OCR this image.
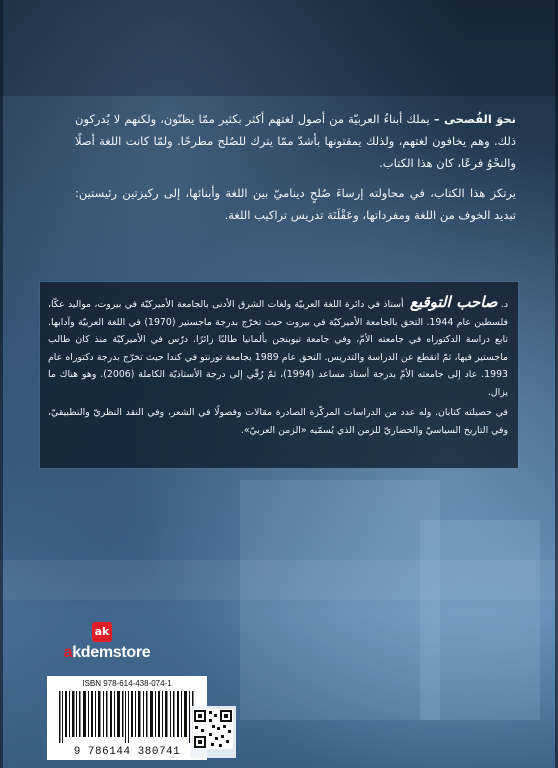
نحوَ الفُصحى – يملك أبناءُ العربيّة من أصول لغتهم أكثر بكثير ممّا يظنّون، ولكنهم لا يُدركون ذلك. وهم يخافون لغتهم، ولذلك يمقتونها بأشدّ ممّا يترك للصُلح مطرحًا. ولمّا كانت اللغة أصلًا والنحْوُ فرعًا، كان هذا الكتاب.

يرتكز هذا الكتاب، في محاولته إرساءَ صُلحٍ ديناميّ بين اللغة وأبنائها، إلى ركيزتين رئيستين: تبديد الخوف من اللغة ومفرداتها، وعَقْلَنَة تدريس تراكيب اللغة.

د. صاحب التوقيع أستاذ في دائرة اللغة العربيّة ولغات الشرق الأدنى بالجامعة الأميركيّة في بيروت، مواليد عكّا، فلسطين عام 1944. التحق بالجامعة الأميركيّة في بيروت حيث تخرّج بدرجة ماجستير (1970) في اللغة العربيّة وآدابها. تابع دراسة الدكتوراه في جامعته الأمّ، وفي جامعة تيوبنجن بألمانيا طالبًا زائرًا. درّس في الأميركيّة منذ كان طالب ماجستير فيها، ثمّ انقطع عن الدراسة والتدريس. التحق عام 1989 بجامعة تورنتو في كندا حيث تخرّج بدرجة دكتوراه عام 1993. عاد إلى جامعته الأمّ بدرجة أستاذ مساعد (1994)، ثمّ رُقّي إلى درجة الأستاذيّة الكاملة (2006). وهو هناك ما يزال.

في حصيلته كتابان. وله عدد من الدراسات المركّزة الصادرة مقالات وفصولًا في الشعر، وفي النقد النظريّ والتطبيقيّ، وفي التاريخ السياسيّ والحضاريّ للزمن الذي يُسمّيه «الزمن العربيّ».

ak
akdemstore
ISBN 978-614-438-074-1
9 786144 380741
